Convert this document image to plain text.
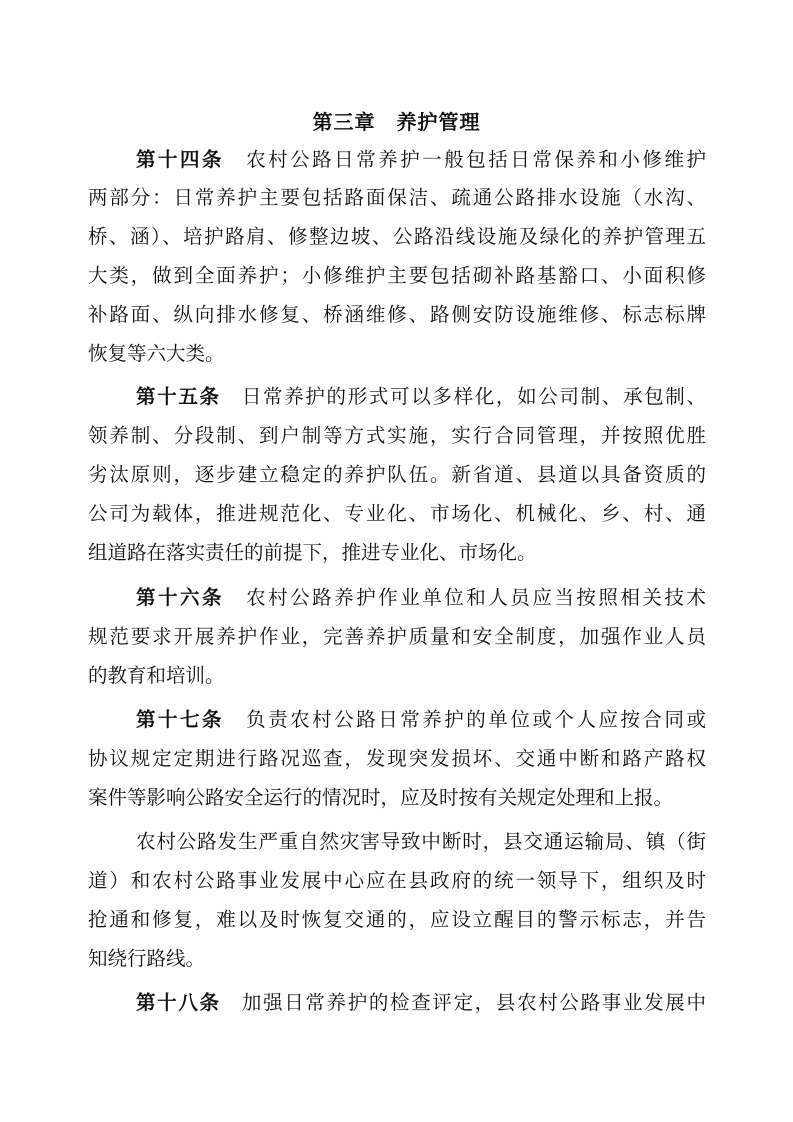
第三章　养护管理
第十四条　 农村公路日常养护一般包括日常保养和小修维护
两部分：日常养护主要包括路面保洁、疏通公路排水设施（水沟、
桥、涵）、培护路肩、修整边坡、公路沿线设施及绿化的养护管理五
大类，做到全面养护；小修维护主要包括砌补路基豁口、小面积修
补路面、纵向排水修复、桥涵维修、路侧安防设施维修、标志标牌
恢复等六大类。
第十五条　 日常养护的形式可以多样化，如公司制、承包制、
领养制、分段制、到户制等方式实施，实行合同管理，并按照优胜
劣汰原则，逐步建立稳定的养护队伍。新省道、县道以具备资质的
公司为载体，推进规范化、专业化、市场化、机械化、乡、村、通
组道路在落实责任的前提下，推进专业化、市场化。
第十六条　 农村公路养护作业单位和人员应当按照相关技术
规范要求开展养护作业，完善养护质量和安全制度，加强作业人员
的教育和培训。
第十七条　 负责农村公路日常养护的单位或个人应按合同或
协议规定定期进行路况巡查，发现突发损坏、交通中断和路产路权
案件等影响公路安全运行的情况时，应及时按有关规定处理和上报。
农村公路发生严重自然灾害导致中断时，县交通运输局、镇（街
道）和农村公路事业发展中心应在县政府的统一领导下，组织及时
抢通和修复，难以及时恢复交通的，应设立醒目的警示标志，并告
知绕行路线。
第十八条　 加强日常养护的检查评定，县农村公路事业发展中
